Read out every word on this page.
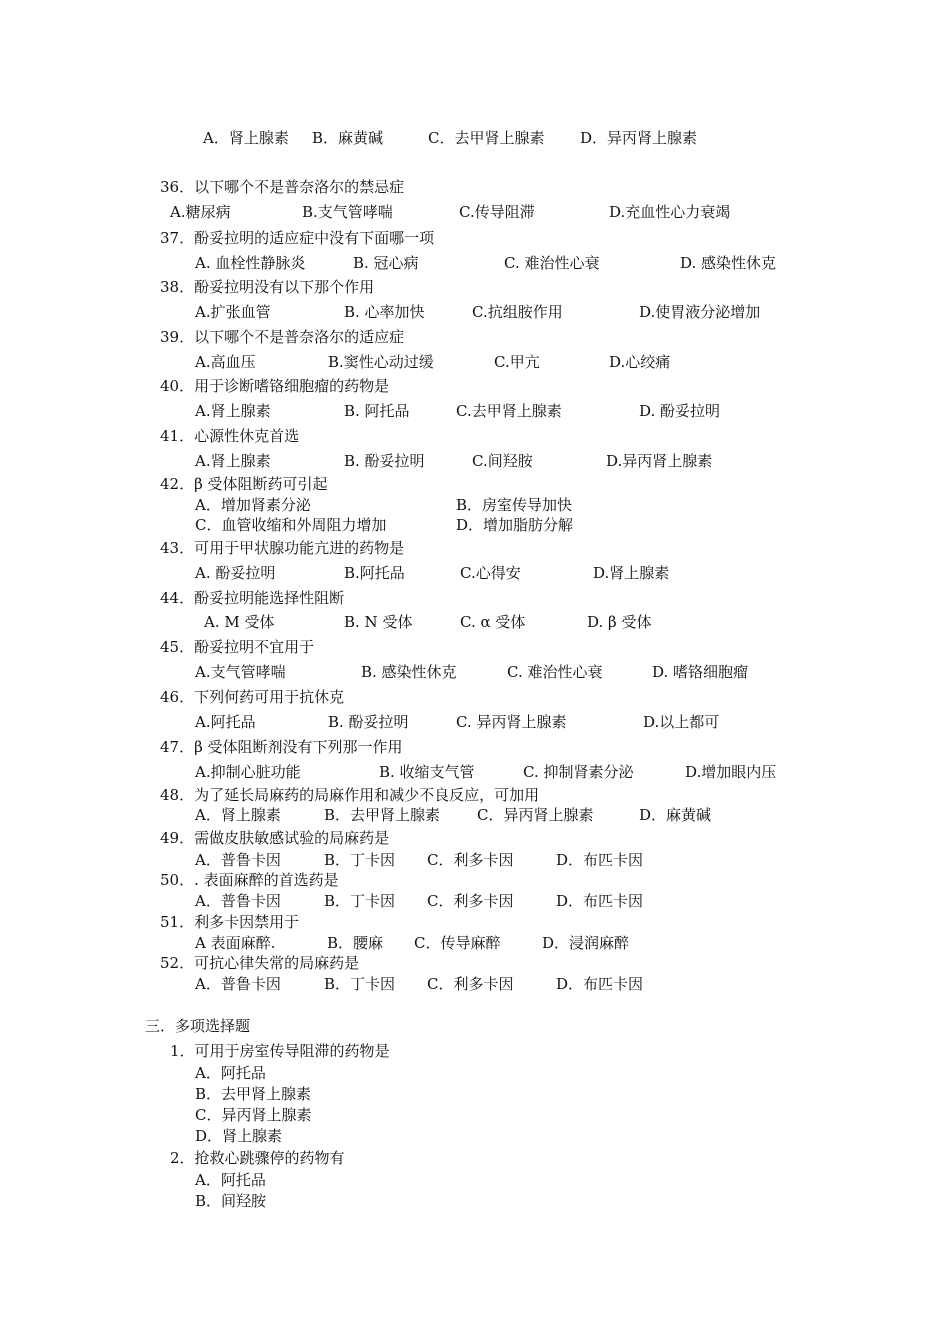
A．肾上腺素 B．麻黄碱	C．去甲肾上腺素 D．异丙肾上腺素
36．以下哪个不是普奈洛尔的禁忌症
A.糖尿病	B.支气管哮喘	C.传导阻滞	D.充血性心力衰竭
37．酚妥拉明的适应症中没有下面哪一项
A. 血栓性静脉炎	B. 冠心病	C. 难治性心衰	D. 感染性休克
38．酚妥拉明没有以下那个作用
A.扩张血管	B. 心率加快	C.抗组胺作用	D.使胃液分泌增加
39．以下哪个不是普奈洛尔的适应症
A.高血压	B.窦性心动过缓	C.甲亢	D.心绞痛
40．用于诊断嗜铬细胞瘤的药物是
A.肾上腺素	B. 阿托品	C.去甲肾上腺素	D. 酚妥拉明
41．心源性休克首选
A.肾上腺素	B. 酚妥拉明	C.间羟胺	D.异丙肾上腺素
42．β 受体阻断药可引起
A．增加肾素分泌	B．房室传导加快
C．血管收缩和外周阻力增加	D．增加脂肪分解
43．可用于甲状腺功能亢进的药物是
A. 酚妥拉明	B.阿托品	C.心得安	D.肾上腺素
44．酚妥拉明能选择性阻断
A. M 受体	B. N 受体	C. α 受体	D. β 受体
45．酚妥拉明不宜用于
A.支气管哮喘	B. 感染性休克	C. 难治性心衰	D. 嗜铬细胞瘤
46．下列何药可用于抗休克
A.阿托品	B. 酚妥拉明	C. 异丙肾上腺素	D.以上都可
47．β 受体阻断剂没有下列那一作用
A.抑制心脏功能	B. 收缩支气管	C. 抑制肾素分泌	D.增加眼内压
48．为了延长局麻药的局麻作用和减少不良反应，可加用
A．肾上腺素	B．去甲肾上腺素 C．异丙肾上腺素	D．麻黄碱
49．需做皮肤敏感试验的局麻药是
A．普鲁卡因	B．丁卡因 C．利多卡因	D．布匹卡因
50．. 表面麻醉的首选药是
A．普鲁卡因	B．丁卡因 C．利多卡因	D．布匹卡因
51．利多卡因禁用于
A 表面麻醉.	B．腰麻 C．传导麻醉	D．浸润麻醉
52．可抗心律失常的局麻药是
A．普鲁卡因	B．丁卡因 C．利多卡因	D．布匹卡因
三．多项选择题
1．可用于房室传导阻滞的药物是
A．阿托品
B．去甲肾上腺素
C．异丙肾上腺素
D．肾上腺素
2．抢救心跳骤停的药物有
A．阿托品
B．间羟胺
